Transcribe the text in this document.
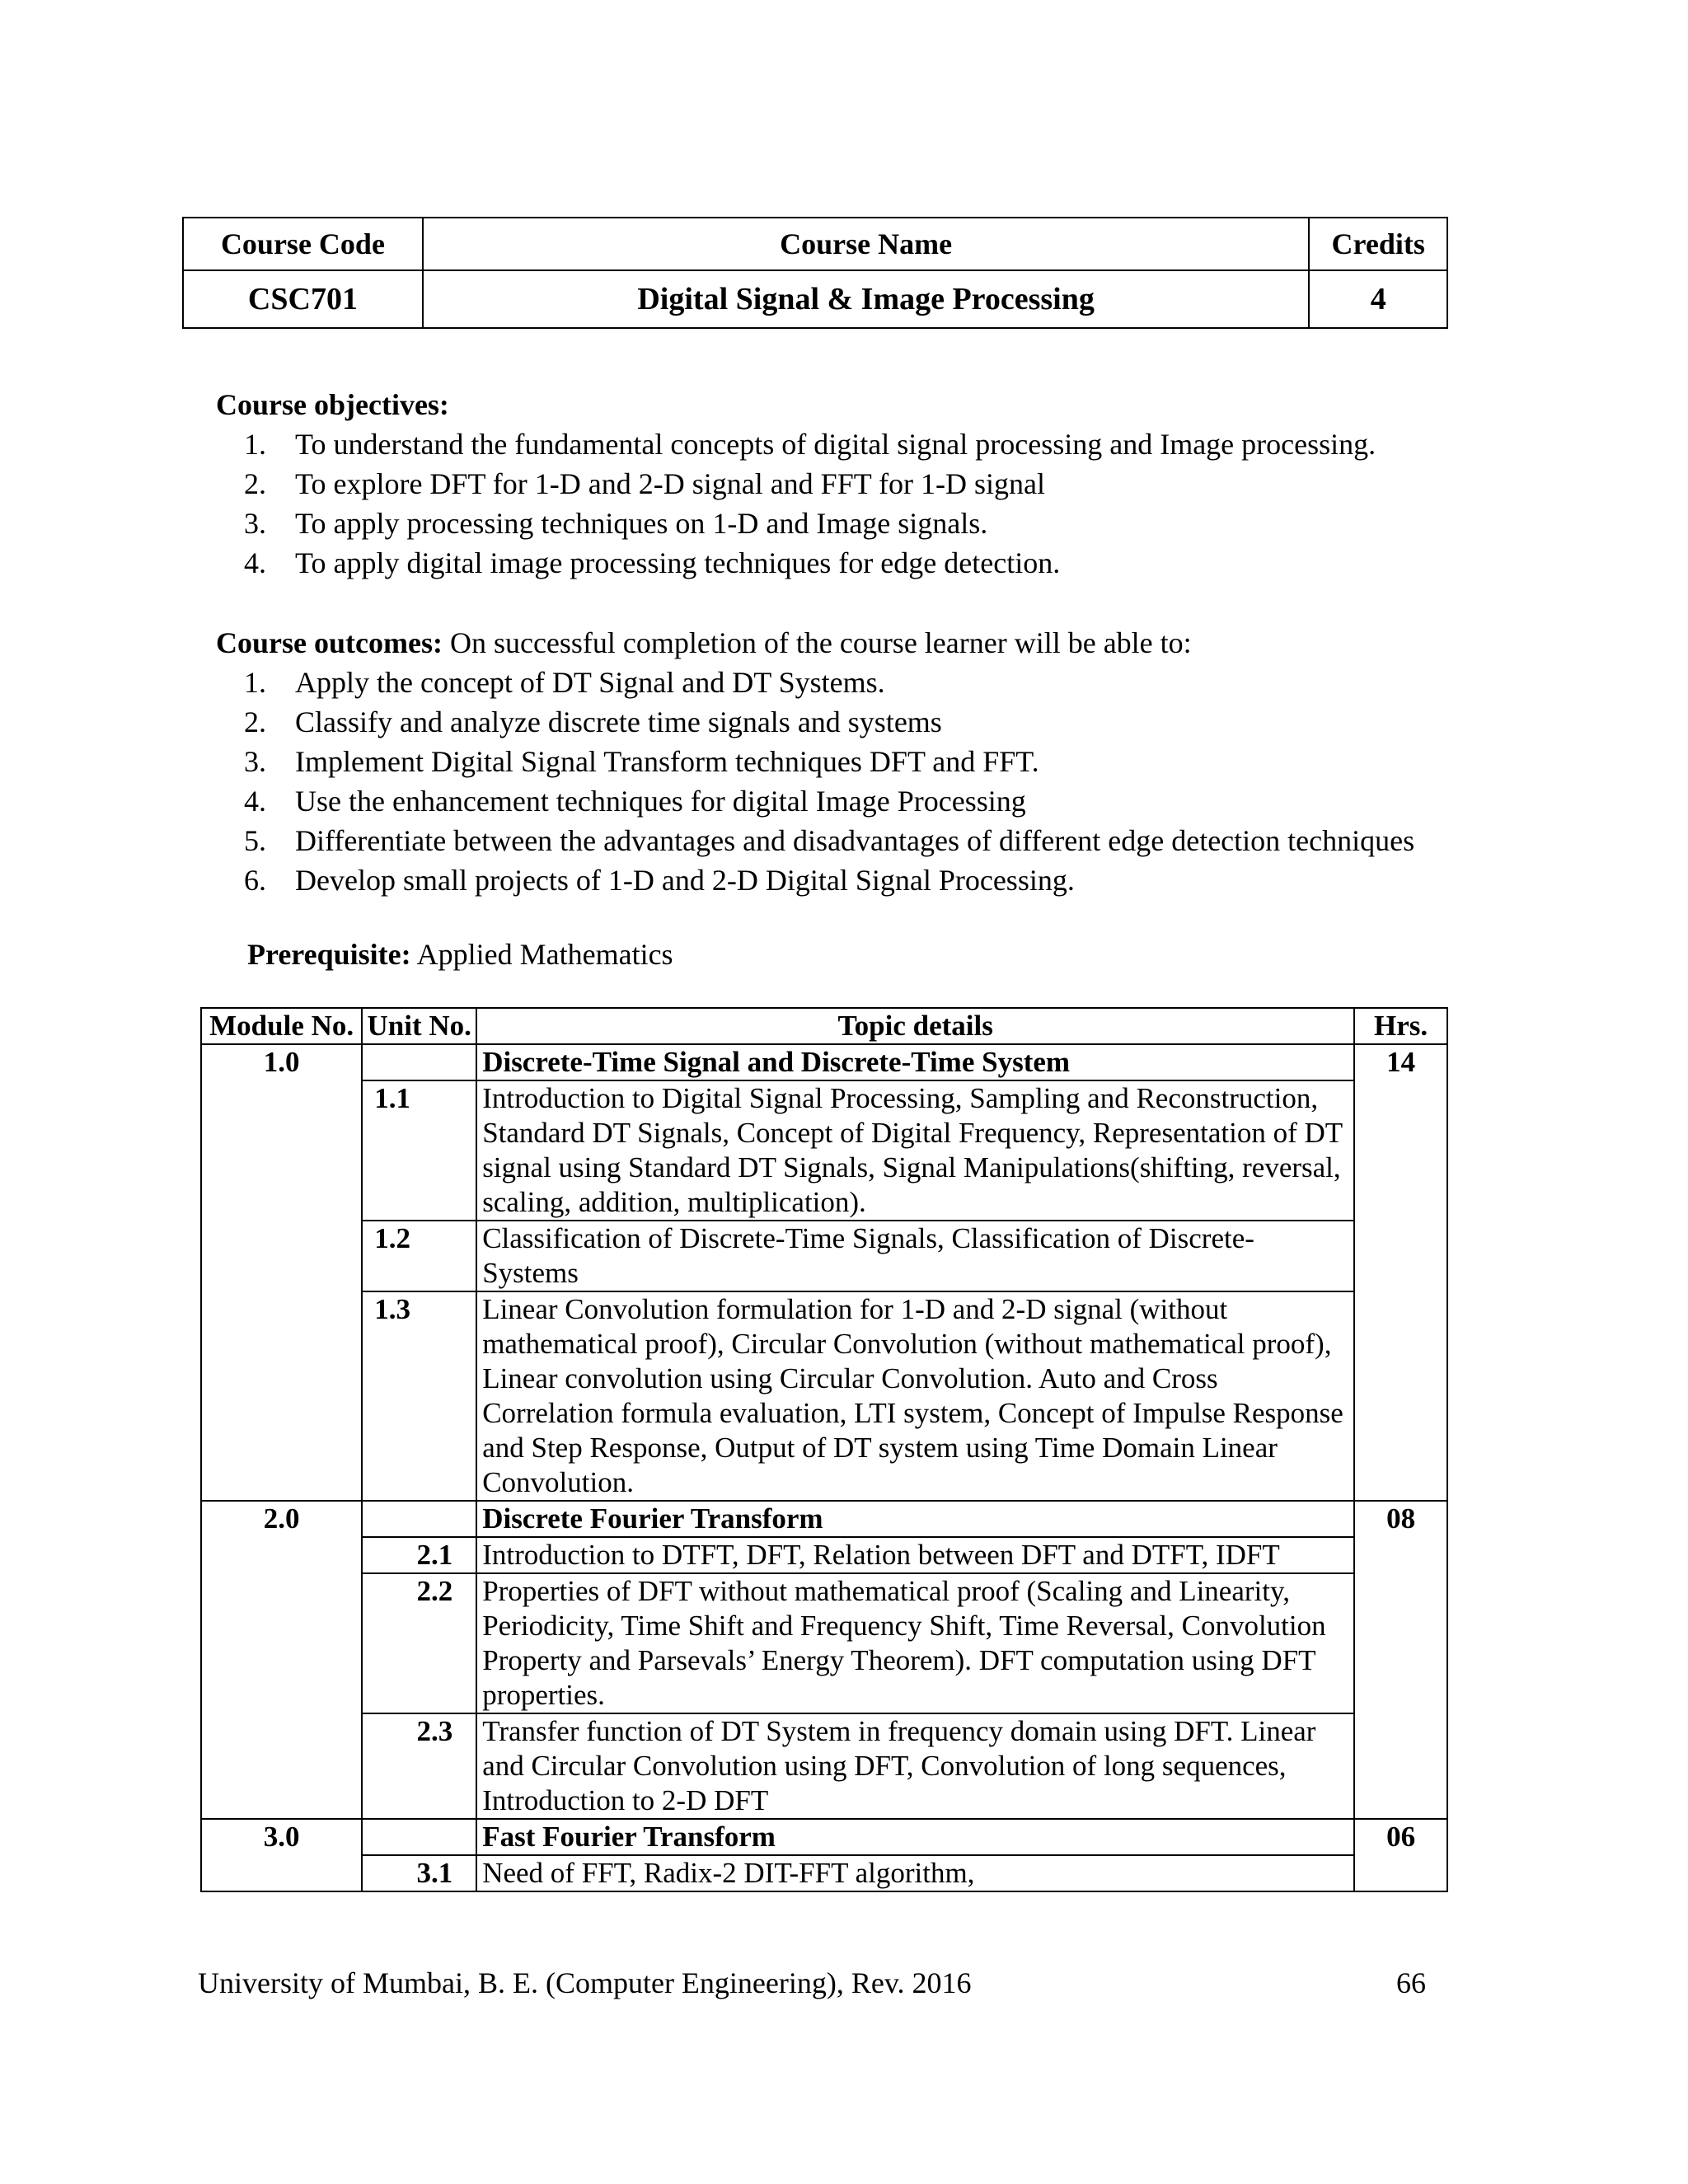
Course Code	Course Name	Credits
CSC701	Digital Signal & Image Processing	4
Course objectives:
1. To understand the fundamental concepts of digital signal processing and Image processing.
2. To explore DFT for 1-D and 2-D signal and FFT for 1-D signal
3. To apply processing techniques on 1-D and Image signals.
4. To apply digital image processing techniques for edge detection.
Course outcomes: On successful completion of the course learner will be able to:
1. Apply the concept of DT Signal and DT Systems.
2. Classify and analyze discrete time signals and systems
3. Implement Digital Signal Transform techniques DFT and FFT.
4. Use the enhancement techniques for digital Image Processing
5. Differentiate between the advantages and disadvantages of different edge detection techniques
6. Develop small projects of 1-D and 2-D Digital Signal Processing.
Prerequisite: Applied Mathematics
Module No.	Unit No.	Topic details	Hrs.
1.0		Discrete-Time Signal and Discrete-Time System	14
	1.1	Introduction to Digital Signal Processing, Sampling and Reconstruction, Standard DT Signals, Concept of Digital Frequency, Representation of DT signal using Standard DT Signals, Signal Manipulations(shifting, reversal, scaling, addition, multiplication).	
	1.2	Classification of Discrete-Time Signals, Classification of Discrete-Systems	
	1.3	Linear Convolution formulation for 1-D and 2-D signal (without mathematical proof), Circular Convolution (without mathematical proof), Linear convolution using Circular Convolution. Auto and Cross Correlation formula evaluation, LTI system, Concept of Impulse Response and Step Response, Output of DT system using Time Domain Linear Convolution.	
2.0		Discrete Fourier Transform	08
	2.1	Introduction to DTFT, DFT, Relation between DFT and DTFT, IDFT	
	2.2	Properties of DFT without mathematical proof (Scaling and Linearity, Periodicity, Time Shift and Frequency Shift, Time Reversal, Convolution Property and Parsevals’ Energy Theorem). DFT computation using DFT properties.	
	2.3	Transfer function of DT System in frequency domain using DFT. Linear and Circular Convolution using DFT, Convolution of long sequences, Introduction to 2-D DFT	
3.0		Fast Fourier Transform	06
	3.1	Need of FFT, Radix-2 DIT-FFT algorithm,	
University of Mumbai, B. E. (Computer Engineering), Rev. 2016	66
